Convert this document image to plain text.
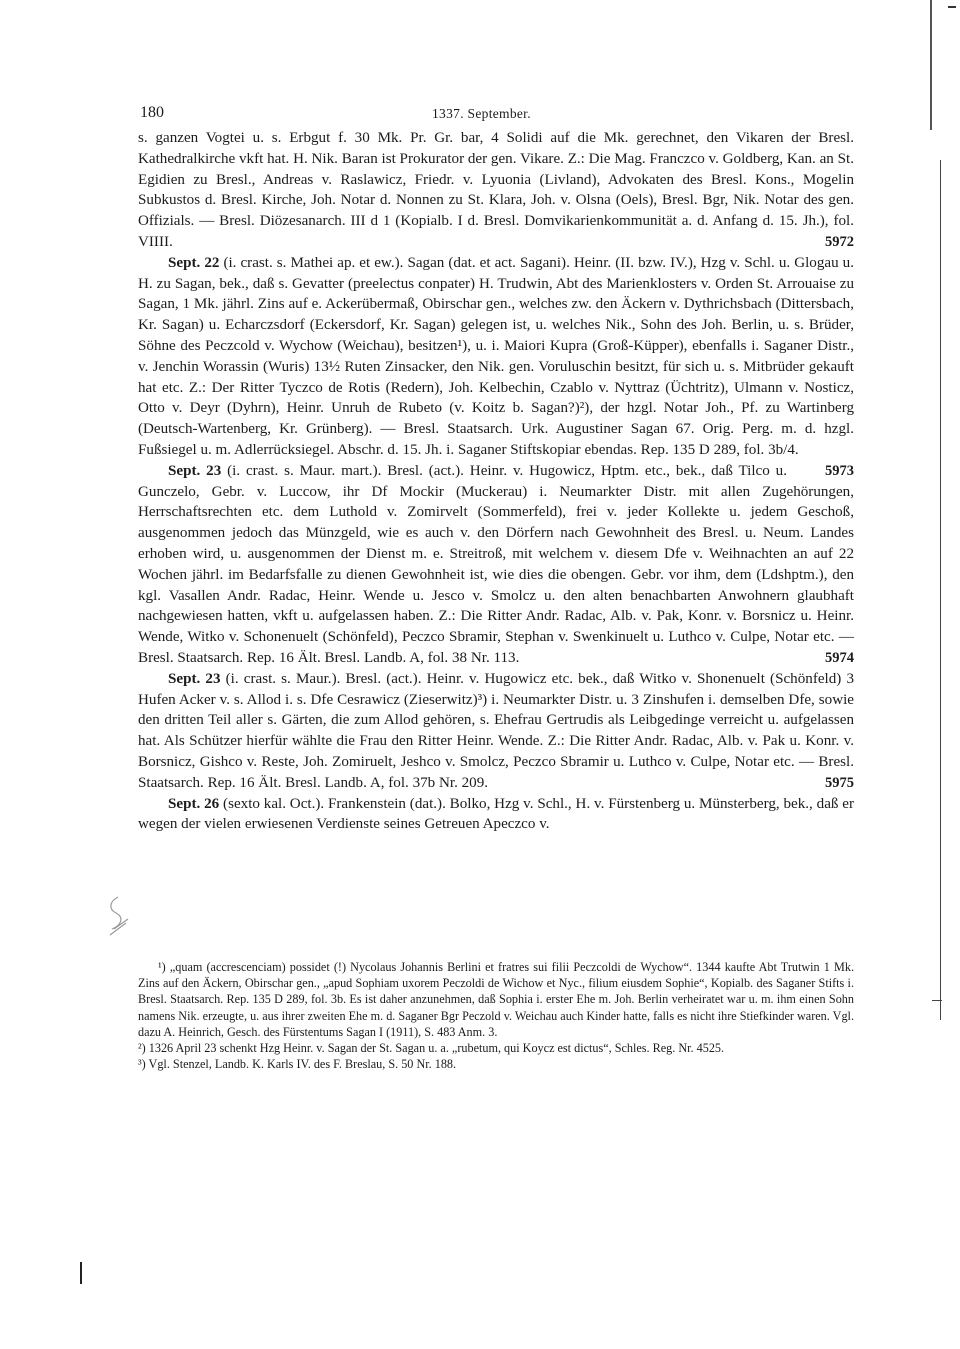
180	1337. September.

s. ganzen Vogtei u. s. Erbgut f. 30 Mk. Pr. Gr. bar, 4 Solidi auf die Mk. gerechnet, den Vikaren der Bresl. Kathedralkirche vkft hat. H. Nik. Baran ist Prokurator der gen. Vikare. Z.: Die Mag. Franczco v. Goldberg, Kan. an St. Egidien zu Bresl., Andreas v. Raslawicz, Friedr. v. Lyuonia (Livland), Advokaten des Bresl. Kons., Mogelin Subkustos d. Bresl. Kirche, Joh. Notar d. Nonnen zu St. Klara, Joh. v. Olsna (Oels), Bresl. Bgr, Nik. Notar des gen. Offizials. — Bresl. Diözesanarch. III d 1 (Kopialb. I d. Bresl. Domvikarienkommunität a. d. Anfang d. 15. Jh.), fol. VIIII.	5972

Sept. 22 (i. crast. s. Mathei ap. et ew.). Sagan (dat. et act. Sagani). Heinr. (II. bzw. IV.), Hzg v. Schl. u. Glogau u. H. zu Sagan, bek., daß s. Gevatter (preelectus conpater) H. Trudwin, Abt des Marienklosters v. Orden St. Arrouaise zu Sagan, 1 Mk. jährl. Zins auf e. Ackerübermaß, Obirschar gen., welches zw. den Äckern v. Dythrichsbach (Dittersbach, Kr. Sagan) u. Echarczsdorf (Eckersdorf, Kr. Sagan) gelegen ist, u. welches Nik., Sohn des Joh. Berlin, u. s. Brüder, Söhne des Peczcold v. Wychow (Weichau), besitzen¹), u. i. Maiori Kupra (Groß-Küpper), ebenfalls i. Saganer Distr., v. Jenchin Worassin (Wuris) 13½ Ruten Zinsacker, den Nik. gen. Voruluschin besitzt, für sich u. s. Mitbrüder gekauft hat etc. Z.: Der Ritter Tyczco de Rotis (Redern), Joh. Kelbechin, Czablo v. Nyttraz (Üchtritz), Ulmann v. Nosticz, Otto v. Deyr (Dyhrn), Heinr. Unruh de Rubeto (v. Koitz b. Sagan?)²), der hzgl. Notar Joh., Pf. zu Wartinberg (Deutsch-Wartenberg, Kr. Grünberg). — Bresl. Staatsarch. Urk. Augustiner Sagan 67. Orig. Perg. m. d. hzgl. Fußsiegel u. m. Adlerrücksiegel. Abschr. d. 15. Jh. i. Saganer Stiftskopiar ebendas. Rep. 135 D 289, fol. 3b/4.
5973

Sept. 23 (i. crast. s. Maur. mart.). Bresl. (act.). Heinr. v. Hugowicz, Hptm. etc., bek., daß Tilco u. Gunczelo, Gebr. v. Luccow, ihr Df Mockir (Muckerau) i. Neumarkter Distr. mit allen Zugehörungen, Herrschaftsrechten etc. dem Luthold v. Zomirvelt (Sommerfeld), frei v. jeder Kollekte u. jedem Geschoß, ausgenommen jedoch das Münzgeld, wie es auch v. den Dörfern nach Gewohnheit des Bresl. u. Neum. Landes erhoben wird, u. ausgenommen der Dienst m. e. Streitroß, mit welchem v. diesem Dfe v. Weihnachten an auf 22 Wochen jährl. im Bedarfsfalle zu dienen Gewohnheit ist, wie dies die obengen. Gebr. vor ihm, dem (Ldshptm.), den kgl. Vasallen Andr. Radac, Heinr. Wende u. Jesco v. Smolcz u. den alten benachbarten Anwohnern glaubhaft nachgewiesen hatten, vkft u. aufgelassen haben. Z.: Die Ritter Andr. Radac, Alb. v. Pak, Konr. v. Borsnicz u. Heinr. Wende, Witko v. Schonenuelt (Schönfeld), Peczco Sbramir, Stephan v. Swenkinuelt u. Luthco v. Culpe, Notar etc. — Bresl. Staatsarch. Rep. 16 Ält. Bresl. Landb. A, fol. 38 Nr. 113.	5974

Sept. 23 (i. crast. s. Maur.). Bresl. (act.). Heinr. v. Hugowicz etc. bek., daß Witko v. Shonenuelt (Schönfeld) 3 Hufen Acker v. s. Allod i. s. Dfe Cesrawicz (Zieserwitz)³) i. Neumarkter Distr. u. 3 Zinshufen i. demselben Dfe, sowie den dritten Teil aller s. Gärten, die zum Allod gehören, s. Ehefrau Gertrudis als Leibgedinge verreicht u. aufgelassen hat. Als Schützer hierfür wählte die Frau den Ritter Heinr. Wende. Z.: Die Ritter Andr. Radac, Alb. v. Pak u. Konr. v. Borsnicz, Gishco v. Reste, Joh. Zomiruelt, Jeshco v. Smolcz, Peczco Sbramir u. Luthco v. Culpe, Notar etc. — Bresl. Staatsarch. Rep. 16 Ält. Bresl. Landb. A, fol. 37b Nr. 209.	5975

Sept. 26 (sexto kal. Oct.). Frankenstein (dat.). Bolko, Hzg v. Schl., H. v. Fürstenberg u. Münsterberg, bek., daß er wegen der vielen erwiesenen Verdienste seines Getreuen Apeczco v.

¹) „quam (accrescenciam) possidet (!) Nycolaus Johannis Berlini et fratres sui filii Peczcoldi de Wychow“. 1344 kaufte Abt Trutwin 1 Mk. Zins auf den Äckern, Obirschar gen., „apud Sophiam uxorem Peczoldi de Wichow et Nyc., filium eiusdem Sophie“, Kopialb. des Saganer Stifts i. Bresl. Staatsarch. Rep. 135 D 289, fol. 3b. Es ist daher anzunehmen, daß Sophia i. erster Ehe m. Joh. Berlin verheiratet war u. m. ihm einen Sohn namens Nik. erzeugte, u. aus ihrer zweiten Ehe m. d. Saganer Bgr Peczold v. Weichau auch Kinder hatte, falls es nicht ihre Stiefkinder waren. Vgl. dazu A. Heinrich, Gesch. des Fürstentums Sagan I (1911), S. 483 Anm. 3.

²) 1326 April 23 schenkt Hzg Heinr. v. Sagan der St. Sagan u. a. „rubetum, qui Koycz est dictus“, Schles. Reg. Nr. 4525.

³) Vgl. Stenzel, Landb. K. Karls IV. des F. Breslau, S. 50 Nr. 188.
